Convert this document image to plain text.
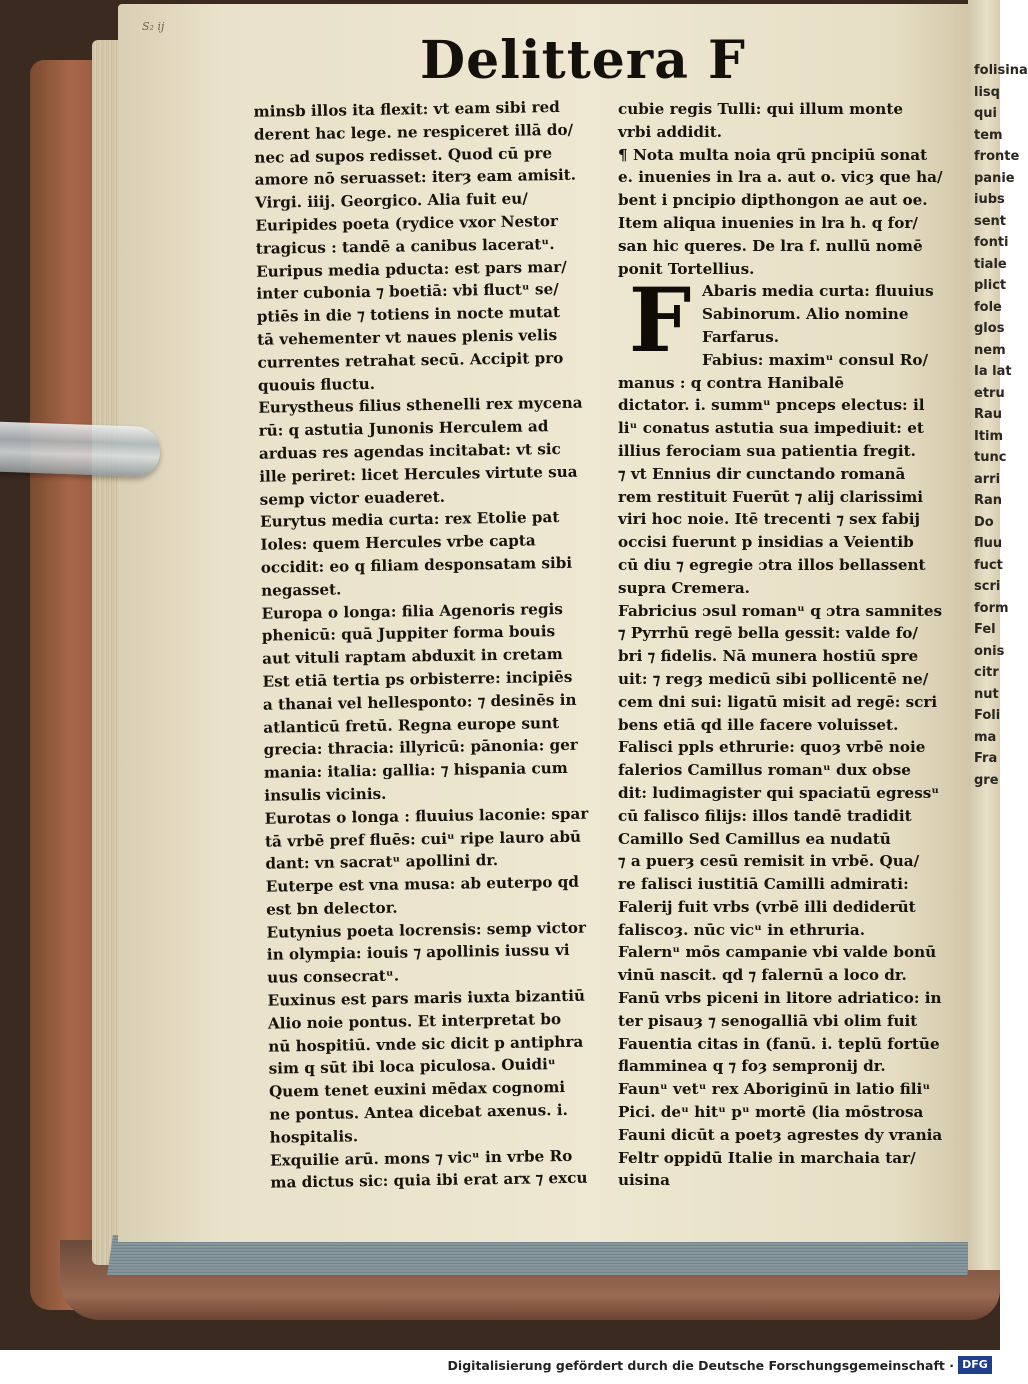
folisina
lisq
qui
tem
fronte
panie
iubs
sent
fonti
tiale
plict
fole
glos
nem
Ia lat
etru
Rau
Itim
tunc
arri
Ran
Do
fluu
fuct
scri
form
Fel
onis
citr
nut
Foli
ma
Fra
gre
S₂ ij
Delittera F
minsb illos ita flexit: vt eam sibi red
derent hac lege. ne respiceret illā do/
nec ad supos redisset. Quod cū pre
amore nō seruasset: iterȝ eam amisit.
Virgi. iiij. Georgico. Alia fuit eu/
Euripides poeta (rydice vxor Nestor
tragicus : tandē a canibus laceratᵘ.
Euripus media pducta: est pars mar/
inter cubonia ⁊ boetiā: vbi fluctᵘ se/
ptiēs in die ⁊ totiens in nocte mutat
tā vehementer vt naues plenis velis
currentes retrahat secū. Accipit pro
quouis fluctu.
Eurystheus filius sthenelli rex mycena
rū: q astutia Junonis Herculem ad
arduas res agendas incitabat: vt sic
ille periret: licet Hercules virtute sua
semp victor euaderet.
Eurytus media curta: rex Etolie pat
Ioles: quem Hercules vrbe capta
occidit: eo q filiam desponsatam sibi
negasset.
Europa o longa: filia Agenoris regis
phenicū: quā Juppiter forma bouis
aut vituli raptam abduxit in cretam
Est etiā tertia ps orbisterre: incipiēs
a thanai vel hellesponto: ⁊ desinēs in
atlanticū fretū. Regna europe sunt
grecia: thracia: illyricū: pānonia: ger
mania: italia: gallia: ⁊ hispania cum
insulis vicinis.
Eurotas o longa : fluuius laconie: spar
tā vrbē pref fluēs: cuiᵘ ripe lauro abū
dant: vn sacratᵘ apollini dr.
Euterpe est vna musa: ab euterpo qd
est bn delector.
Eutynius poeta locrensis: semp victor
in olympia: iouis ⁊ apollinis iussu vi
uus consecratᵘ.
Euxinus est pars maris iuxta bizantiū
Alio noie pontus. Et interpretat bo
nū hospitiū. vnde sic dicit p antiphra
sim q sūt ibi loca piculosa. Ouidiᵘ
Quem tenet euxini mēdax cognomi
ne pontus. Antea dicebat axenus. i.
hospitalis.
Exquilie arū. mons ⁊ vicᵘ in vrbe Ro
ma dictus sic: quia ibi erat arx ⁊ excu
cubie regis Tulli: qui illum monte
vrbi addidit.
¶ Nota multa noia qrū pncipiū sonat
e. inuenies in lra a. aut o. vicȝ que ha/
bent i pncipio dipthongon ae aut oe.
Item aliqua inuenies in lra h. q for/
san hic queres. De lra f. nullū nomē
ponit Tortellius.
Abaris media curta: fluuius
Sabinorum. Alio nomine
Farfarus.
Fabius: maximᵘ consul Ro/
manus : q contra Hanibalē
dictator. i. summᵘ pnceps electus: il
liᵘ conatus astutia sua impediuit: et
illius ferociam sua patientia fregit.
⁊ vt Ennius dir cunctando romanā
rem restituit Fuerūt ⁊ alij clarissimi
viri hoc noie. Itē trecenti ⁊ sex fabij
occisi fuerunt p insidias a Veientib
cū diu ⁊ egregie ɔtra illos bellassent
supra Cremera.
Fabricius ɔsul romanᵘ q ɔtra samnites
⁊ Pyrrhū regē bella gessit: valde fo/
bri ⁊ fidelis. Nā munera hostiū spre
uit: ⁊ regȝ medicū sibi pollicentē ne/
cem dni sui: ligatū misit ad regē: scri
bens etiā qd ille facere voluisset.
Falisci ppls ethrurie: quoȝ vrbē noie
falerios Camillus romanᵘ dux obse
dit: ludimagister qui spaciatū egressᵘ
cū falisco filijs: illos tandē tradidit
Camillo Sed Camillus ea nudatū
⁊ a puerȝ cesū remisit in vrbē. Qua/
re falisci iustitiā Camilli admirati:
Falerij fuit vrbs (vrbē illi dediderūt
faliscoȝ. nūc vicᵘ in ethruria.
Falernᵘ mōs campanie vbi valde bonū
vinū nascit. qd ⁊ falernū a loco dr.
Fanū vrbs piceni in litore adriatico: in
ter pisauȝ ⁊ senogalliā vbi olim fuit
Fauentia citas in (fanū. i. teplū fortūe
flamminea q ⁊ foȝ sempronij dr.
Faunᵘ vetᵘ rex Aboriginū in latio filiᵘ
Pici. deᵘ hitᵘ pᵘ mortē (lia mōstrosa
Fauni dicūt a poetȝ agrestes dy vrania
Feltr oppidū Italie in marchaia tar/
uisina
F
Digitalisierung gefördert durch die Deutsche Forschungsgemeinschaft · DFG
